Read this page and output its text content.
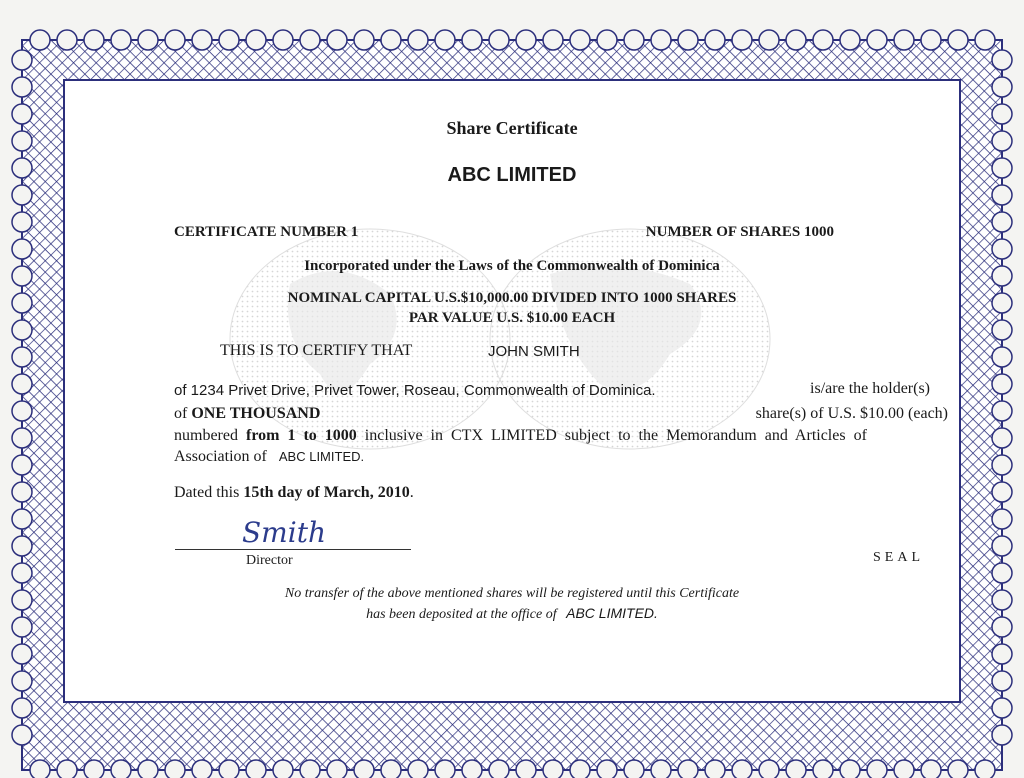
Share Certificate
ABC LIMITED
CERTIFICATE NUMBER 1	NUMBER OF SHARES 1000
Incorporated under the Laws of the Commonwealth of Dominica
NOMINAL CAPITAL U.S.$10,000.00 DIVIDED INTO 1000 SHARES
PAR VALUE U.S. $10.00 EACH
THIS IS TO CERTIFY THAT	JOHN SMITH
of 1234 Privet Drive, Privet Tower, Roseau, Commonwealth of Dominica.	is/are the holder(s)
of ONE THOUSAND	share(s) of U.S. $10.00 (each)
numbered from 1 to 1000 inclusive in CTX LIMITED subject to the Memorandum and Articles of
Association of ABC LIMITED.
Dated this 15th day of March, 2010.
Smith
Director	SEAL
No transfer of the above mentioned shares will be registered until this Certificate
has been deposited at the office of ABC LIMITED.
